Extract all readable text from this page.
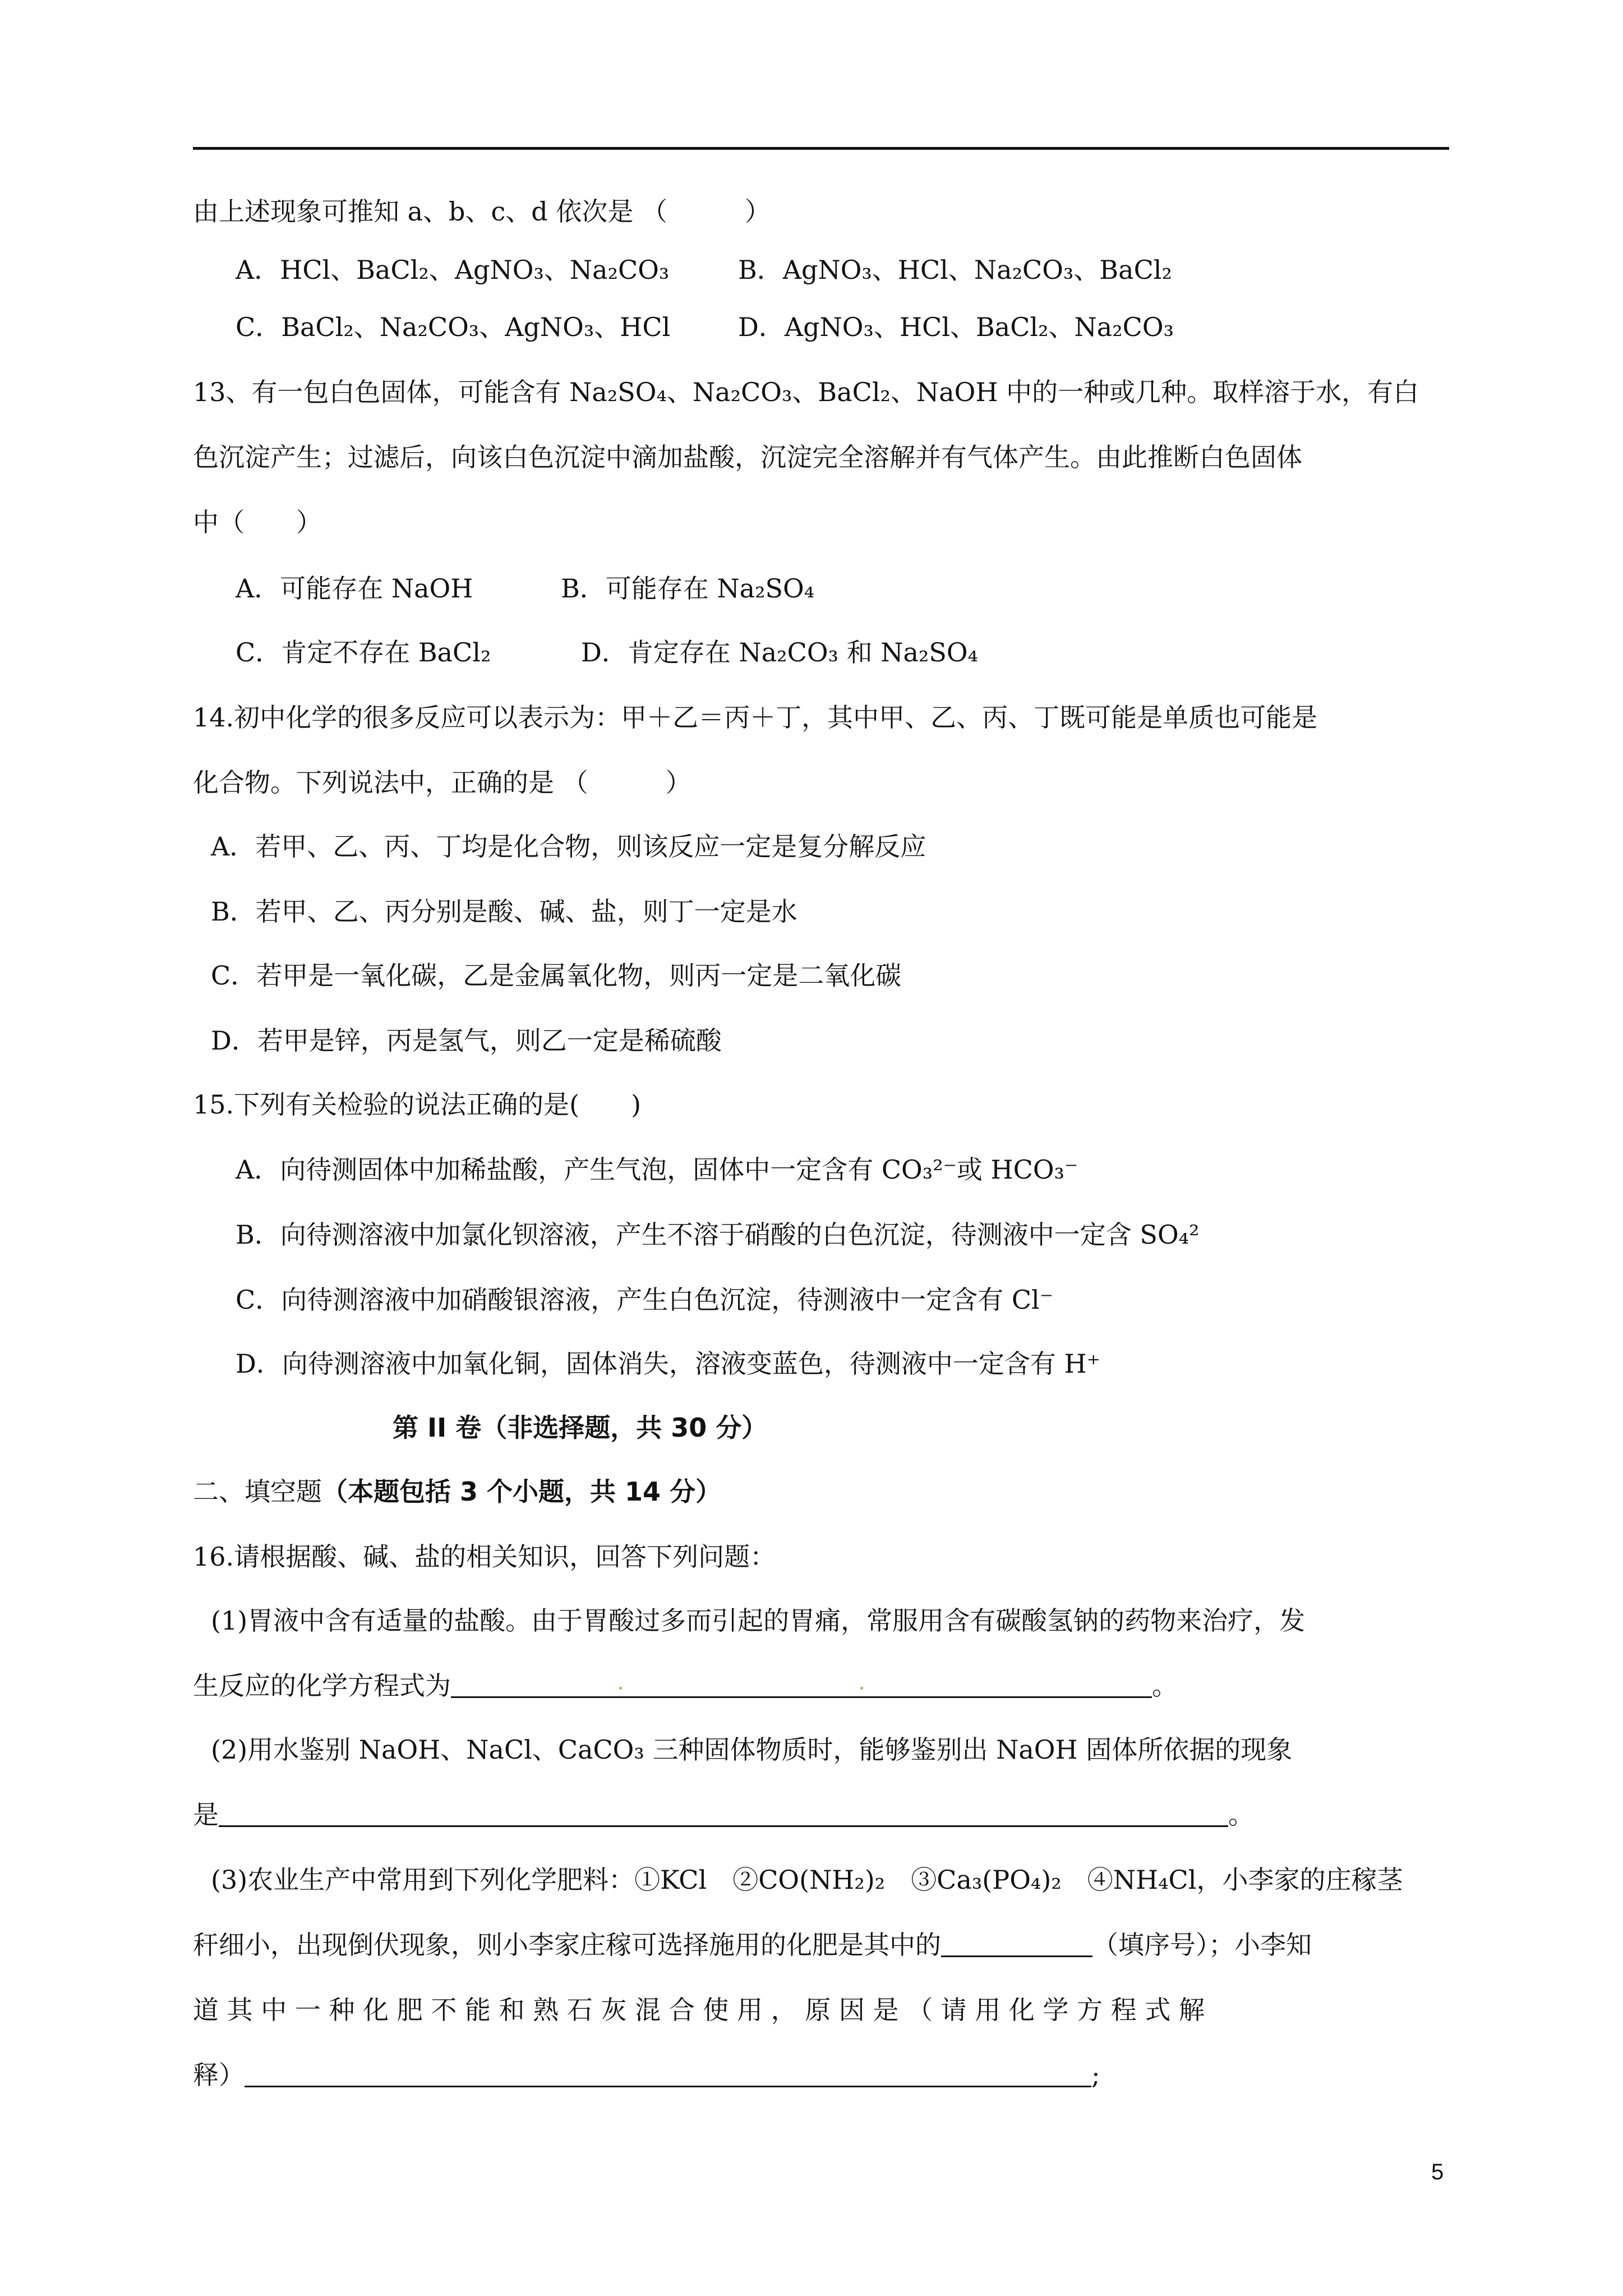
由上述现象可推知 a、b、c、d 依次是 （　　　）
A．HCl、BaCl₂、AgNO₃、Na₂CO₃	B．AgNO₃、HCl、Na₂CO₃、BaCl₂
C．BaCl₂、Na₂CO₃、AgNO₃、HCl	D．AgNO₃、HCl、BaCl₂、Na₂CO₃
13、有一包白色固体，可能含有 Na₂SO₄、Na₂CO₃、BaCl₂、NaOH 中的一种或几种。取样溶于水，有白
色沉淀产生；过滤后，向该白色沉淀中滴加盐酸，沉淀完全溶解并有气体产生。由此推断白色固体
中（　　）
A．可能存在 NaOH	B．可能存在 Na₂SO₄
C．肯定不存在 BaCl₂	D．肯定存在 Na₂CO₃ 和 Na₂SO₄
14.初中化学的很多反应可以表示为：甲＋乙＝丙＋丁，其中甲、乙、丙、丁既可能是单质也可能是
化合物。下列说法中，正确的是 （　　　）
A．若甲、乙、丙、丁均是化合物，则该反应一定是复分解反应
B．若甲、乙、丙分别是酸、碱、盐，则丁一定是水
C．若甲是一氧化碳，乙是金属氧化物，则丙一定是二氧化碳
D．若甲是锌，丙是氢气，则乙一定是稀硫酸
15.下列有关检验的说法正确的是(　　)
A．向待测固体中加稀盐酸，产生气泡，固体中一定含有 CO₃²⁻或 HCO₃⁻
B．向待测溶液中加氯化钡溶液，产生不溶于硝酸的白色沉淀，待测液中一定含 SO₄²
C．向待测溶液中加硝酸银溶液，产生白色沉淀，待测液中一定含有 Cl⁻
D．向待测溶液中加氧化铜，固体消失，溶液变蓝色，待测液中一定含有 H⁺
第 II 卷（非选择题，共 30 分）
二、填空题（本题包括 3 个小题，共 14 分）
16.请根据酸、碱、盐的相关知识，回答下列问题：
(1)胃液中含有适量的盐酸。由于胃酸过多而引起的胃痛，常服用含有碳酸氢钠的药物来治疗，发
生反应的化学方程式为	。
(2)用水鉴别 NaOH、NaCl、CaCO₃ 三种固体物质时，能够鉴别出 NaOH 固体所依据的现象
是	。
(3)农业生产中常用到下列化学肥料：①KCl　②CO(NH₂)₂　③Ca₃(PO₄)₂　④NH₄Cl，小李家的庄稼茎
秆细小，出现倒伏现象，则小李家庄稼可选择施用的化肥是其中的	（填序号）；小李知
道 其 中 一 种 化 肥 不 能 和 熟 石 灰 混 合 使 用 ， 原 因 是 （ 请 用 化 学 方 程 式 解
释）	;
5
